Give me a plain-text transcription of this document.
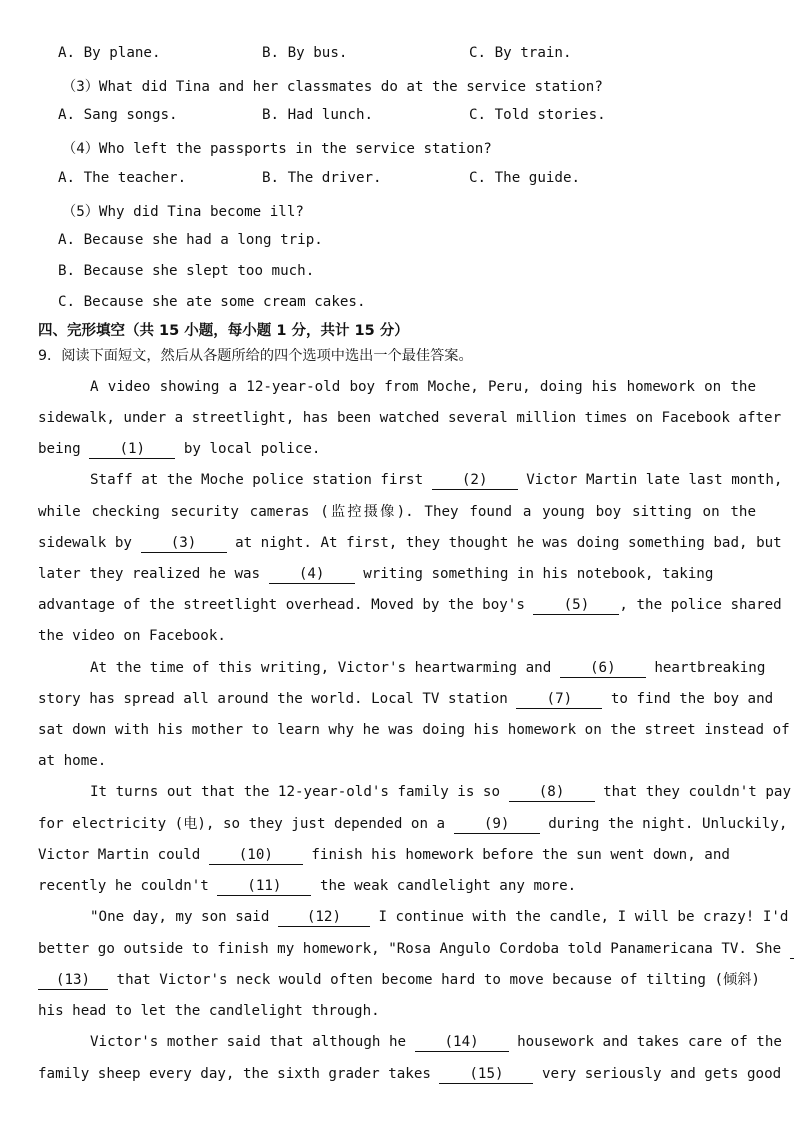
A. By plane.	B. By bus.	C. By train.
（3）What did Tina and her classmates do at the service station?
A. Sang songs.	B. Had lunch.	C. Told stories.
（4）Who left the passports in the service station?
A. The teacher.	B. The driver.	C. The guide.
（5）Why did Tina become ill?
A. Because she had a long trip.
B. Because she slept too much.
C. Because she ate some cream cakes.
四、完形填空（共 15 小题，每小题 1 分，共计 15 分）
9．阅读下面短文，然后从各题所给的四个选项中选出一个最佳答案。
A video showing a 12-year-old boy from Moche, Peru, doing his homework on the
sidewalk, under a streetlight, has been watched several million times on Facebook after
being	(1)	by local police.
Staff at the Moche police station first	(2)	Victor Martin late last month,
while checking security cameras (监控摄像). They found a young boy sitting on the
sidewalk by	(3)	at night. At first, they thought he was doing something bad, but
later they realized he was	(4)	writing something in his notebook, taking
advantage of the streetlight overhead. Moved by the boy's	(5) , the police shared
the video on Facebook.
At the time of this writing, Victor's heartwarming and	(6)	heartbreaking
story has spread all around the world. Local TV station	(7)	to find the boy and
sat down with his mother to learn why he was doing his homework on the street instead of
at home.
It turns out that the 12-year-old's family is so	(8)	that they couldn't pay
for electricity (电), so they just depended on a	(9)	during the night. Unluckily,
Victor Martin could	(10)	finish his homework before the sun went down, and
recently he couldn't	(11)	the weak candlelight any more.
"One day, my son said	(12)	I continue with the candle, I will be crazy! I'd
better go outside to finish my homework, "Rosa Angulo Cordoba told Panamericana TV. She
(13) that Victor's neck would often become hard to move because of tilting (倾斜)
his head to let the candlelight through.
Victor's mother said that although he	(14)	housework and takes care of the
family sheep every day, the sixth grader takes	(15)	very seriously and gets good
